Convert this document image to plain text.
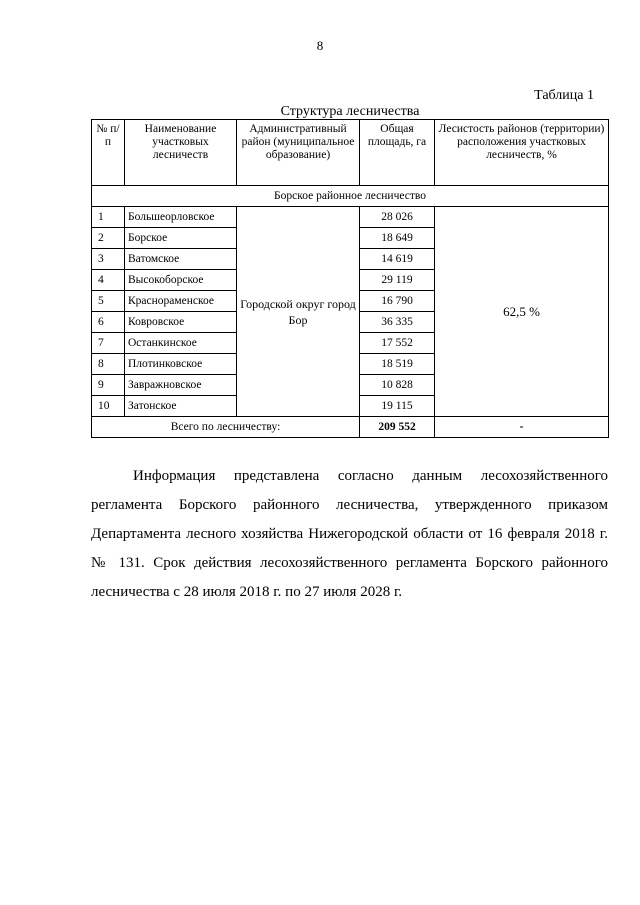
8
Таблица 1
Структура лесничества
№ п/п	Наименование участковых лесничеств	Административный район (муниципальное образование)	Общая площадь, га	Лесистость районов (территории) расположения участковых лесничеств, %
Борское районное лесничество				
1	Большеорловское	Городской округ город Бор	28 026	62,5 %
2	Борское		18 649	
3	Ватомское		14 619	
4	Высокоборское		29 119	
5	Краснораменское		16 790	
6	Ковровское		36 335	
7	Останкинское		17 552	
8	Плотинковское		18 519	
9	Завражновское		10 828	
10	Затонское		19 115	
Всего по лесничеству:			209 552	-

Информация представлена согласно данным лесохозяйственного регламента Борского районного лесничества, утвержденного приказом Департамента лесного хозяйства Нижегородской области от 16 февраля 2018 г. № 131. Срок действия лесохозяйственного регламента Борского районного лесничества с 28 июля 2018 г. по 27 июля 2028 г.
